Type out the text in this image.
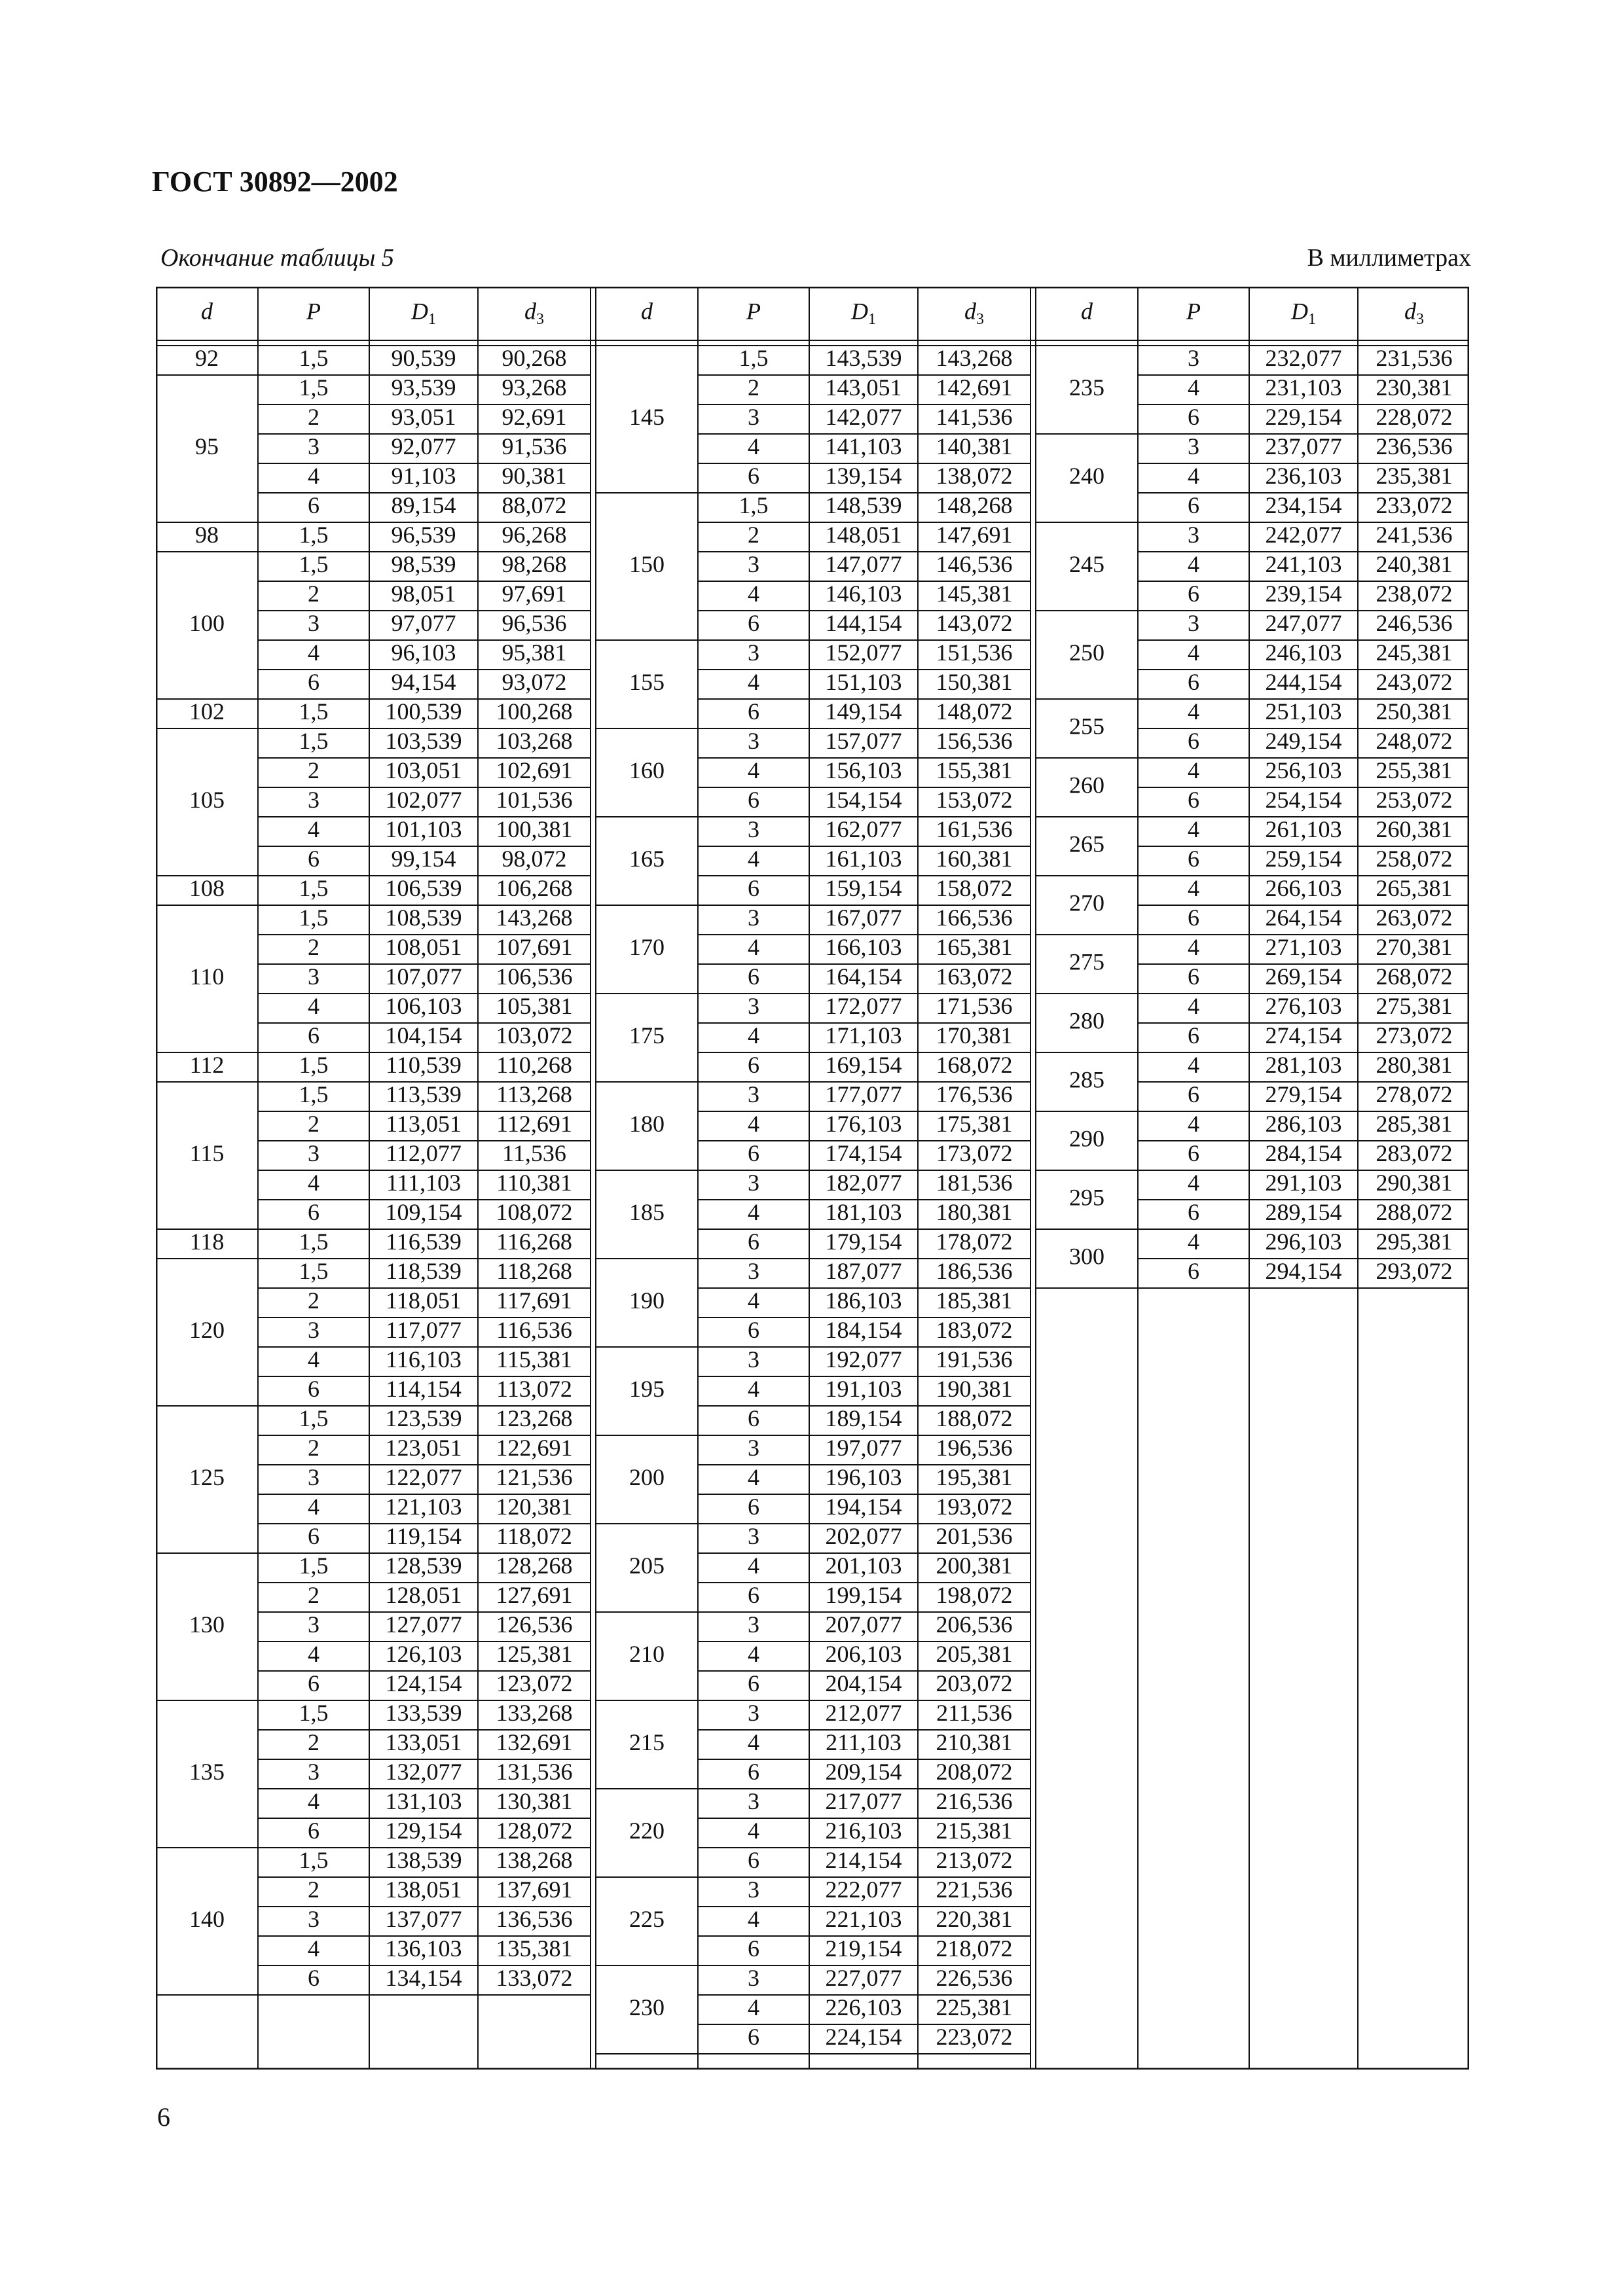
ГОСТ 30892—2002
Окончание таблицы 5	В миллиметрах
d	P	$D_1$	$d_3$
92	1,5	90,539 90,268
95
1,5	93,539 93,268
2	93,051 92,691
3	92,077 91,536
4	91,103 90,381
6	89,154 88,072
98	1,5	96,539 96,268
100
1,5	98,539 98,268
2	98,051 97,691
3	97,077 96,536
4	96,103 95,381
6	94,154 93,072
102	1,5 100,539 100,268
105
1,5 103,539 103,268
2	103,051 102,691
3	102,077 101,536
4	101,103 100,381
6	99,154 98,072
108	1,5 106,539 106,268
110
1,5 108,539 143,268
2	108,051 107,691
3	107,077 106,536
4	106,103 105,381
6	104,154 103,072
112	1,5 110,539 110,268
115
1,5 113,539 113,268
2	113,051 112,691
3	112,077 11,536
4	111,103 110,381
6	109,154 108,072
118	1,5 116,539 116,268
120
1,5 118,539 118,268
2	118,051 117,691
3	117,077 116,536
4	116,103 115,381
6	114,154 113,072
125
1,5 123,539 123,268
2	123,051 122,691
3	122,077 121,536
4	121,103 120,381
6	119,154 118,072
130
1,5 128,539 128,268
2	128,051 127,691
3	127,077 126,536
4	126,103 125,381
6	124,154 123,072
135
1,5 133,539 133,268
2	133,051 132,691
3	132,077 131,536
4	131,103 130,381
6	129,154 128,072
140
1,5 138,539 138,268
2	138,051 137,691
3	137,077 136,536
4	136,103 135,381
6	134,154 133,072
d	P	$D_1$	$d_3$
145
1,5 143,539 143,268
2	143,051 142,691
3	142,077 141,536
4	141,103 140,381
6	139,154 138,072
150
1,5 148,539 148,268
2	148,051 147,691
3	147,077 146,536
4	146,103 145,381
6	144,154 143,072
155
3	152,077 151,536
4	151,103 150,381
6	149,154 148,072
160
3	157,077 156,536
4	156,103 155,381
6	154,154 153,072
165
3	162,077 161,536
4	161,103 160,381
6	159,154 158,072
170
3	167,077 166,536
4	166,103 165,381
6	164,154 163,072
175
3	172,077 171,536
4	171,103 170,381
6	169,154 168,072
180
3	177,077 176,536
4	176,103 175,381
6	174,154 173,072
185
3	182,077 181,536
4	181,103 180,381
6	179,154 178,072
190
3	187,077 186,536
4	186,103 185,381
6	184,154 183,072
195
3	192,077 191,536
4	191,103 190,381
6	189,154 188,072
200
3	197,077 196,536
4	196,103 195,381
6	194,154 193,072
205
3	202,077 201,536
4	201,103 200,381
6	199,154 198,072
210
3	207,077 206,536
4	206,103 205,381
6	204,154 203,072
215
3	212,077 211,536
4	211,103 210,381
6	209,154 208,072
220
3	217,077 216,536
4	216,103 215,381
6	214,154 213,072
225
3	222,077 221,536
4	221,103 220,381
6	219,154 218,072
230
3	227,077 226,536
4	226,103 225,381
6	224,154 223,072
d	P	$D_1$	$d_3$
235
3	232,077 231,536
4	231,103 230,381
6	229,154 228,072
240
3	237,077 236,536
4	236,103 235,381
6	234,154 233,072
245
3	242,077 241,536
4	241,103 240,381
6	239,154 238,072
250
3	247,077 246,536
4	246,103 245,381
6	244,154 243,072
255
4	251,103 250,381
6	249,154 248,072
260
4	256,103 255,381
6	254,154 253,072
265
4	261,103 260,381
6	259,154 258,072
270
4	266,103 265,381
6	264,154 263,072
275
4	271,103 270,381
6	269,154 268,072
280
4	276,103 275,381
6	274,154 273,072
285
4	281,103 280,381
6	279,154 278,072
290
4	286,103 285,381
6	284,154 283,072
295
4	291,103 290,381
6	289,154 288,072
300
4	296,103 295,381
6	294,154 293,072
6
